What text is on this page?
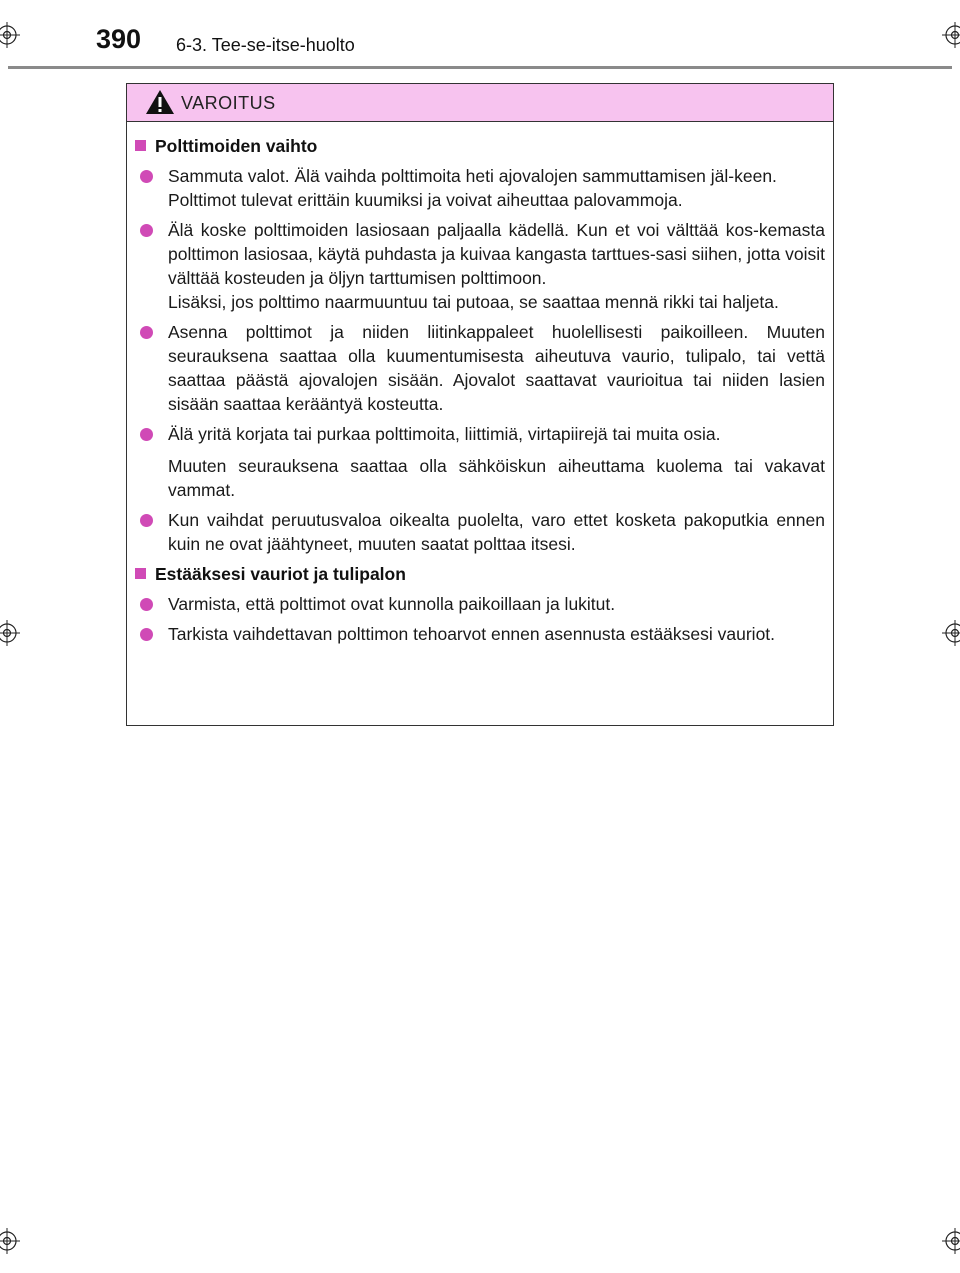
390 6-3. Tee-se-itse-huolto
VAROITUS
Polttimoiden vaihto
Sammuta valot. Älä vaihda polttimoita heti ajovalojen sammuttamisen jäl-keen.
Polttimot tulevat erittäin kuumiksi ja voivat aiheuttaa palovammoja.
Älä koske polttimoiden lasiosaan paljaalla kädellä. Kun et voi välttää kos-kemasta polttimon lasiosaa, käytä puhdasta ja kuivaa kangasta tarttues-sasi siihen, jotta voisit välttää kosteuden ja öljyn tarttumisen polttimoon.
Lisäksi, jos polttimo naarmuuntuu tai putoaa, se saattaa mennä rikki tai haljeta.
Asenna polttimot ja niiden liitinkappaleet huolellisesti paikoilleen. Muuten seurauksena saattaa olla kuumentumisesta aiheutuva vaurio, tulipalo, tai vettä saattaa päästä ajovalojen sisään. Ajovalot saattavat vaurioitua tai niiden lasien sisään saattaa kerääntyä kosteutta.
Älä yritä korjata tai purkaa polttimoita, liittimiä, virtapiirejä tai muita osia.
Muuten seurauksena saattaa olla sähköiskun aiheuttama kuolema tai vakavat vammat.
Kun vaihdat peruutusvaloa oikealta puolelta, varo ettet kosketa pakoputkia ennen kuin ne ovat jäähtyneet, muuten saatat polttaa itsesi.
Estääksesi vauriot ja tulipalon
Varmista, että polttimot ovat kunnolla paikoillaan ja lukitut.
Tarkista vaihdettavan polttimon tehoarvot ennen asennusta estääksesi vauriot.
